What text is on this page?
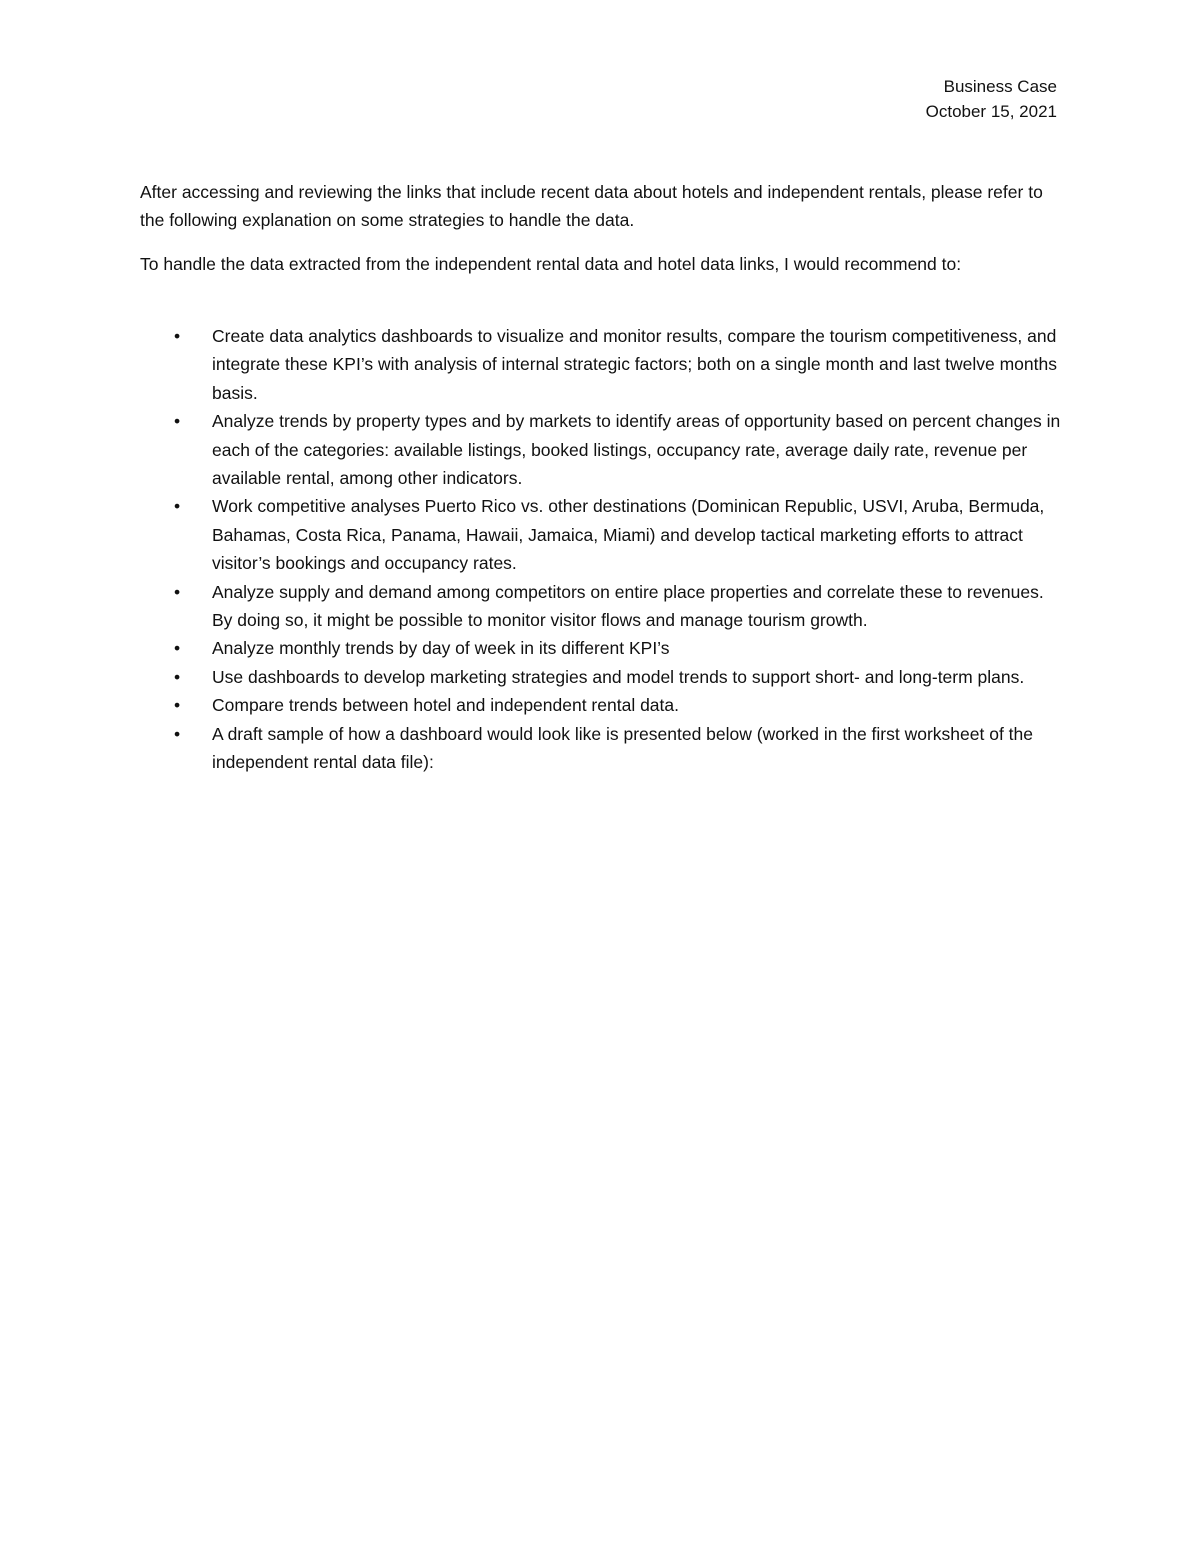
Business Case
October 15, 2021

After accessing and reviewing the links that include recent data about hotels and independent rentals, please refer to the following explanation on some strategies to handle the data.

To handle the data extracted from the independent rental data and hotel data links, I would recommend to:

• Create data analytics dashboards to visualize and monitor results, compare the tourism competitiveness, and integrate these KPI’s with analysis of internal strategic factors; both on a single month and last twelve months basis.
• Analyze trends by property types and by markets to identify areas of opportunity based on percent changes in each of the categories: available listings, booked listings, occupancy rate, average daily rate, revenue per available rental, among other indicators.
• Work competitive analyses Puerto Rico vs. other destinations (Dominican Republic, USVI, Aruba, Bermuda, Bahamas, Costa Rica, Panama, Hawaii, Jamaica, Miami) and develop tactical marketing efforts to attract visitor’s bookings and occupancy rates.
• Analyze supply and demand among competitors on entire place properties and correlate these to revenues. By doing so, it might be possible to monitor visitor flows and manage tourism growth.
• Analyze monthly trends by day of week in its different KPI’s
• Use dashboards to develop marketing strategies and model trends to support short- and long-term plans.
• Compare trends between hotel and independent rental data.
• A draft sample of how a dashboard would look like is presented below (worked in the first worksheet of the independent rental data file):
